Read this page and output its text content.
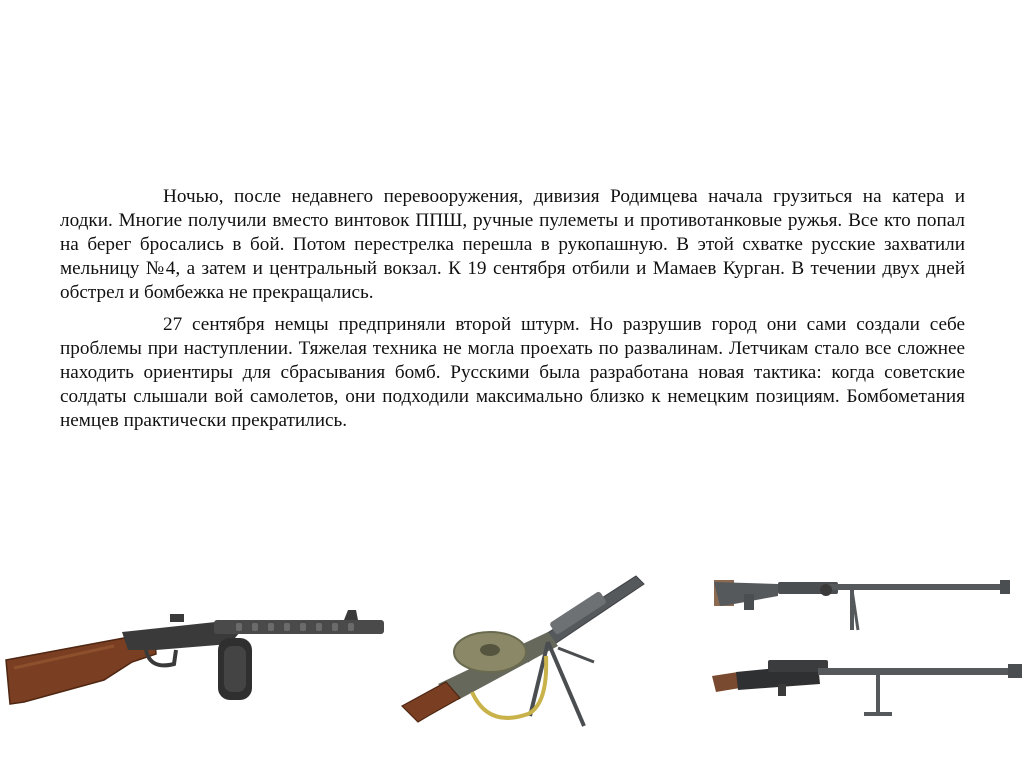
Ночью, после недавнего перевооружения, дивизия Родимцева начала грузиться на катера и лодки. Многие получили вместо винтовок ППШ, ручные пулеметы и противотанковые ружья. Все кто попал на берег бросались в бой. Потом перестрелка перешла в рукопашную. В этой схватке русские захватили мельницу №4, а затем и центральный вокзал. К 19 сентября отбили и Мамаев Курган. В течении двух дней обстрел и бомбежка не прекращались.

27 сентября немцы предприняли второй штурм. Но разрушив город они сами создали себе проблемы при наступлении. Тяжелая техника не могла проехать по развалинам. Летчикам стало все сложнее находить ориентиры для сбрасывания бомб. Русскими была разработана новая тактика: когда советские солдаты слышали вой самолетов, они подходили максимально близко к немецким позициям. Бомбометания немцев практически прекратились.
